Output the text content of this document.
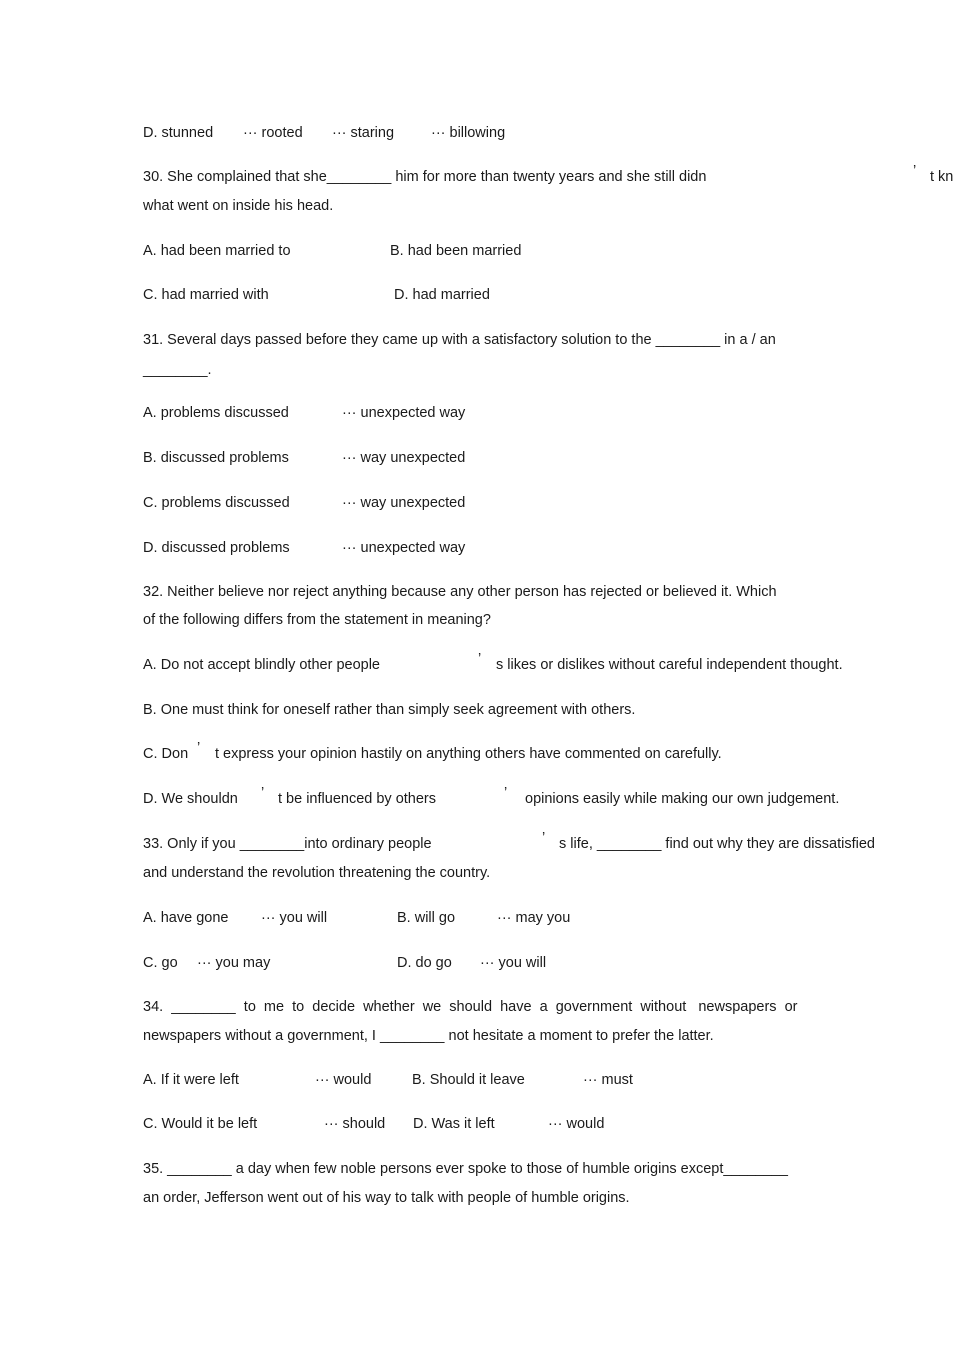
D. stunned ··· rooted ··· staring	··· billowing
30. She complained that she________ him for more than twenty years and she still didn	’ t kn
what went on inside his head.
A. had been married to	B. had been married
C. had married with	D. had married
31. Several days passed before they came up with a satisfactory solution to the ________ in a / an
________.
A. problems discussed	··· unexpected way
B. discussed problems	··· way unexpected
C. problems discussed	··· way unexpected
D. discussed problems	··· unexpected way
32. Neither believe nor reject anything because any other person has rejected or believed it. Which
of the following differs from the statement in meaning?
A. Do not accept blindly other people	’ s likes or dislikes without careful independent thought.
B. One must think for oneself rather than simply seek agreement with others.
C. Don ’ t express your opinion hastily on anything others have commented on carefully.
D. We shouldn ’ t be influenced by others	’ opinions easily while making our own judgement.
33. Only if you ________into ordinary people	’ s life, ________ find out why they are dissatisfied
and understand the revolution threatening the country.
A. have gone ··· you will	B. will go	··· may you
C. go ··· you may	D. do go ··· you will
34.  ________  to  me  to  decide  whether  we  should  have  a  government  without   newspapers  or
newspapers without a government, I ________ not hesitate a moment to prefer the latter.
A. If it were left	··· would	B. Should it leave	··· must
C. Would it be left	··· should D. Was it left	··· would
35. ________ a day when few noble persons ever spoke to those of humble origins except________
an order, Jefferson went out of his way to talk with people of humble origins.
